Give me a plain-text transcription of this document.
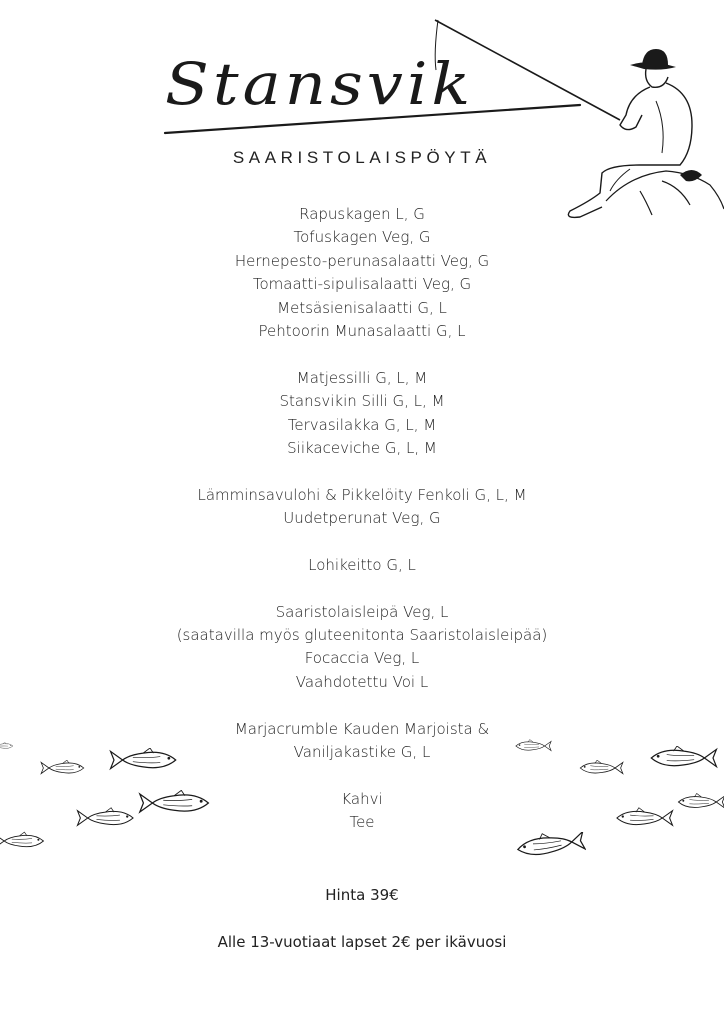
Stansvik
SAARISTOLAISPÖYTÄ
Rapuskagen L, G
Tofuskagen Veg, G
Hernepesto-perunasalaatti Veg, G
Tomaatti-sipulisalaatti Veg, G
Metsäsienisalaatti G, L
Pehtoorin Munasalaatti G, L
Matjessilli G, L, M
Stansvikin Silli G, L, M
Tervasilakka G, L, M
Siikaceviche G, L, M
Lämminsavulohi & Pikkelöity Fenkoli G, L, M
Uudetperunat Veg, G
Lohikeitto G, L
Saaristolaisleipä Veg, L
(saatavilla myös gluteenitonta Saaristolaisleipää)
Focaccia Veg, L
Vaahdotettu Voi L
Marjacrumble Kauden Marjoista &
Vaniljakastike G, L
Kahvi
Tee
Hinta 39€
Alle 13-vuotiaat lapset 2€ per ikävuosi
